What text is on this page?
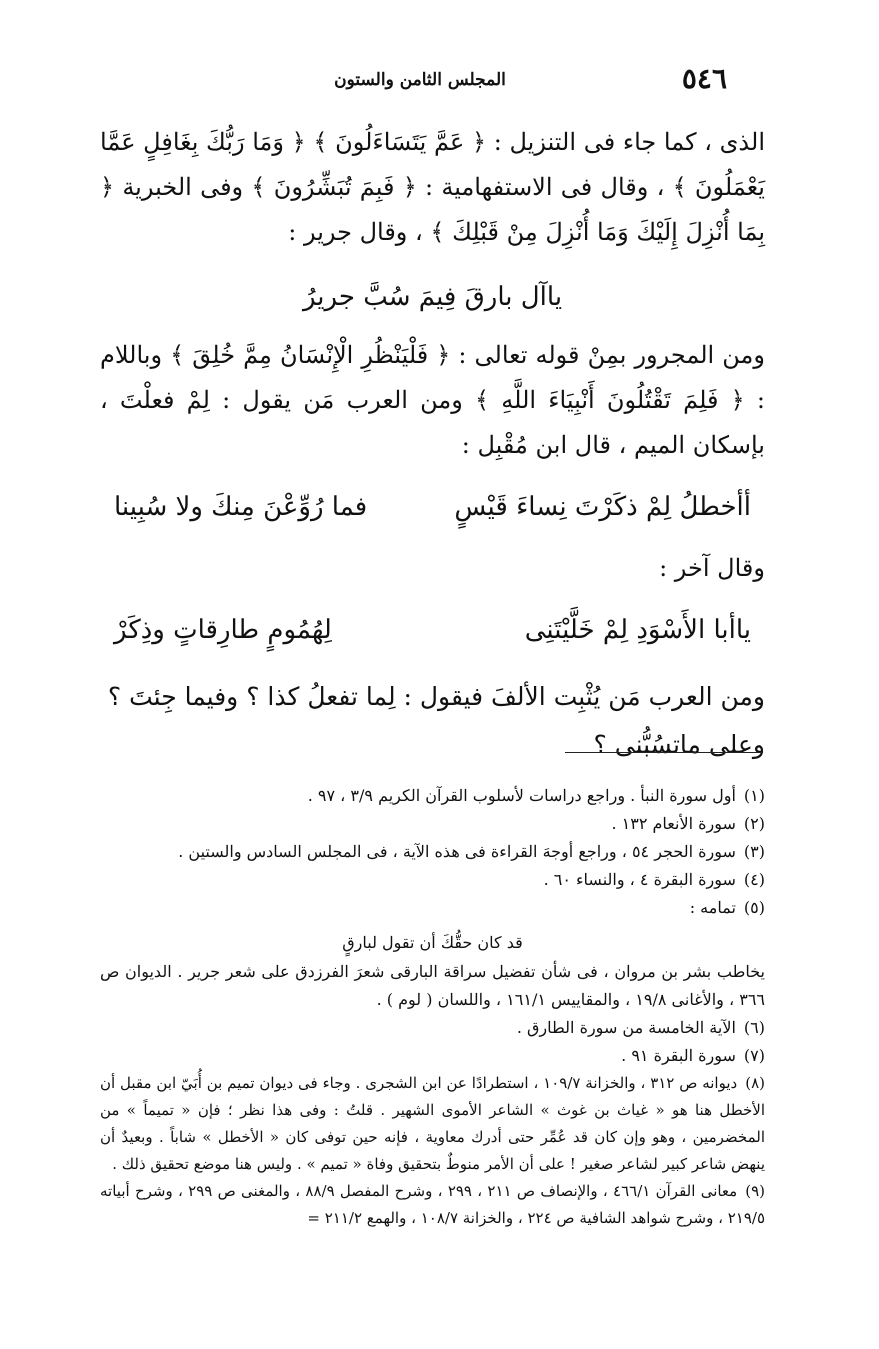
٥٤٦
المجلس الثامن والستون

الذى ، كما جاء فى التنزيل : ﴿ عَمَّ يَتَسَاءَلُونَ ﴾ ﴿ وَمَا رَبُّكَ بِغَافِلٍ عَمَّا يَعْمَلُونَ ﴾ ، وقال فى الاستفهامية : ﴿ فَبِمَ تُبَشِّرُونَ ﴾ وفى الخبرية ﴿ بِمَا أُنْزِلَ إِلَيْكَ وَمَا أُنْزِلَ مِنْ قَبْلِكَ ﴾ ، وقال جرير :

ياآل بارقَ فِيمَ سُبَّ جريرُ

ومن المجرور بمِنْ قوله تعالى : ﴿ فَلْيَنْظُرِ الْإِنْسَانُ مِمَّ خُلِقَ ﴾ وباللام : ﴿ فَلِمَ تَقْتُلُونَ أَنْبِيَاءَ اللَّهِ ﴾ ومن العرب مَن يقول : لِمْ فعلْتَ ، بإسكان الميم ، قال ابن مُقْبِل :

أأخطلُ لِمْ ذكَرْتَ نِساءَ قَيْسٍ
فما رُوِّعْنَ مِنكَ ولا سُبِينا

وقال آخر :

ياأبا الأَسْوَدِ لِمْ خَلَّيْتَنِى
لِهُمُومٍ طارِقاتٍ وذِكَرْ

ومن العرب مَن يُثْبِت الألفَ فيقول : لِما تفعلُ كذا ؟ وفيما جِئتَ ؟ وعلى ماتسُبُّنى ؟

(١)أول سورة النبأ . وراجع دراسات لأسلوب القرآن الكريم ٣/٩ ، ٩٧ .

(٢)سورة الأنعام ١٣٢ .

(٣)سورة الحجر ٥٤ ، وراجع أوجهَ القراءة فى هذه الآية ، فى المجلس السادس والستين .

(٤)سورة البقرة ٤ ، والنساء ٦٠ .

(٥)تمامه :

قد كان حقُّكَ أن تقول لبارقٍ

يخاطب بشر بن مروان ، فى شأن تفضيل سراقة البارقى شعرَ الفرزدق على شعر جرير . الديوان ص ٣٦٦ ، والأغانى ١٩/٨ ، والمقاييس ١٦١/١ ، واللسان ( لوم ) .

(٦)الآية الخامسة من سورة الطارق .

(٧)سورة البقرة ٩١ .

(٨)ديوانه ص ٣١٢ ، والخزانة ١٠٩/٧ ، استطرادًا عن ابن الشجرى . وجاء فى ديوان تميم بن أُبَيّ ابن مقبل أن الأخطل هنا هو « غياث بن غوث » الشاعر الأموى الشهير . قلتُ : وفى هذا نظر ؛ فإن « تميماً » من المخضرمين ، وهو وإن كان قد عُمِّر حتى أدرك معاوية ، فإنه حين توفى كان « الأخطل » شاباً . وبعيدٌ أن ينهض شاعر كبير لشاعر صغير ! على أن الأمر منوطٌ بتحقيق وفاة « تميم » . وليس هنا موضع تحقيق ذلك .

(٩)معانى القرآن ٤٦٦/١ ، والإنصاف ص ٢١١ ، ٢٩٩ ، وشرح المفصل ٨٨/٩ ، والمغنى ص ٢٩٩ ، وشرح أبياته ٢١٩/٥ ، وشرح شواهد الشافية ص ٢٢٤ ، والخزانة ١٠٨/٧ ، والهمع ٢١١/٢ =
